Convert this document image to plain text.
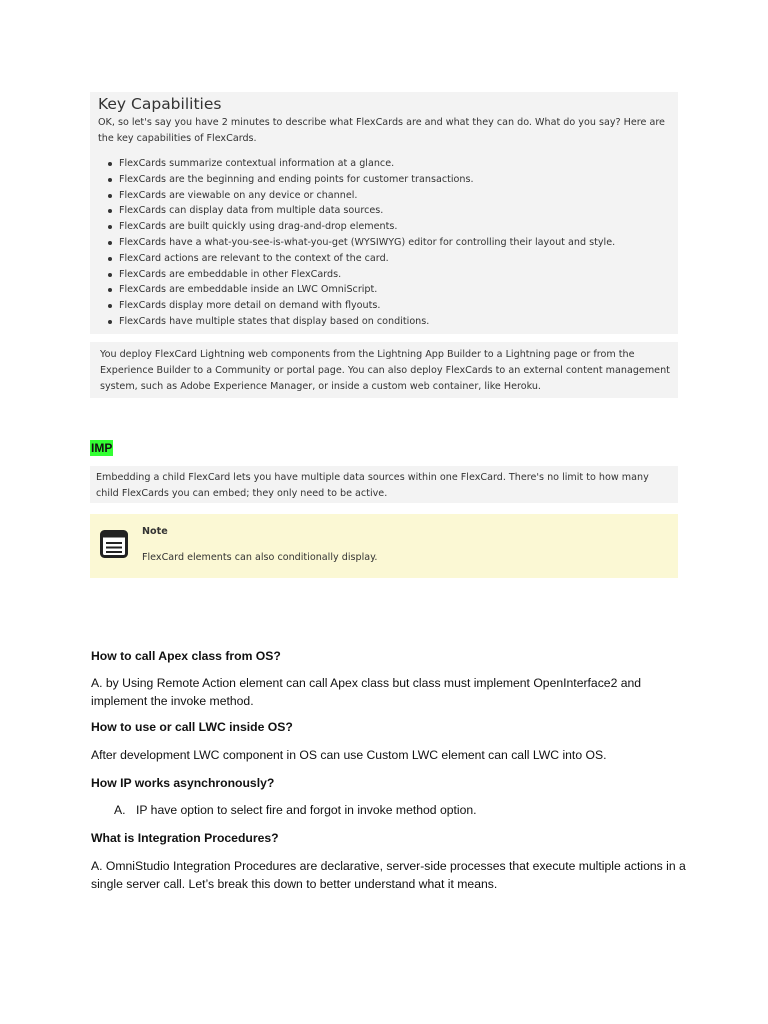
Key Capabilities
OK, so let's say you have 2 minutes to describe what FlexCards are and what they can do. What do you say? Here are the key capabilities of FlexCards.
FlexCards summarize contextual information at a glance.
FlexCards are the beginning and ending points for customer transactions.
FlexCards are viewable on any device or channel.
FlexCards can display data from multiple data sources.
FlexCards are built quickly using drag-and-drop elements.
FlexCards have a what-you-see-is-what-you-get (WYSIWYG) editor for controlling their layout and style.
FlexCard actions are relevant to the context of the card.
FlexCards are embeddable in other FlexCards.
FlexCards are embeddable inside an LWC OmniScript.
FlexCards display more detail on demand with flyouts.
FlexCards have multiple states that display based on conditions.
You deploy FlexCard Lightning web components from the Lightning App Builder to a Lightning page or from the Experience Builder to a Community or portal page. You can also deploy FlexCards to an external content management system, such as Adobe Experience Manager, or inside a custom web container, like Heroku.
IMP
Embedding a child FlexCard lets you have multiple data sources within one FlexCard. There's no limit to how many child FlexCards you can embed; they only need to be active.
Note
FlexCard elements can also conditionally display.
How to call Apex class from OS?
A. by Using Remote Action element can call Apex class but class must implement OpenInterface2 and implement the invoke method.
How to use or call LWC inside OS?
After development LWC component in OS can use Custom LWC element can call LWC into OS.
How IP works asynchronously?
A. IP have option to select fire and forgot in invoke method option.
What is Integration Procedures?
A. OmniStudio Integration Procedures are declarative, server-side processes that execute multiple actions in a single server call. Let’s break this down to better understand what it means.
